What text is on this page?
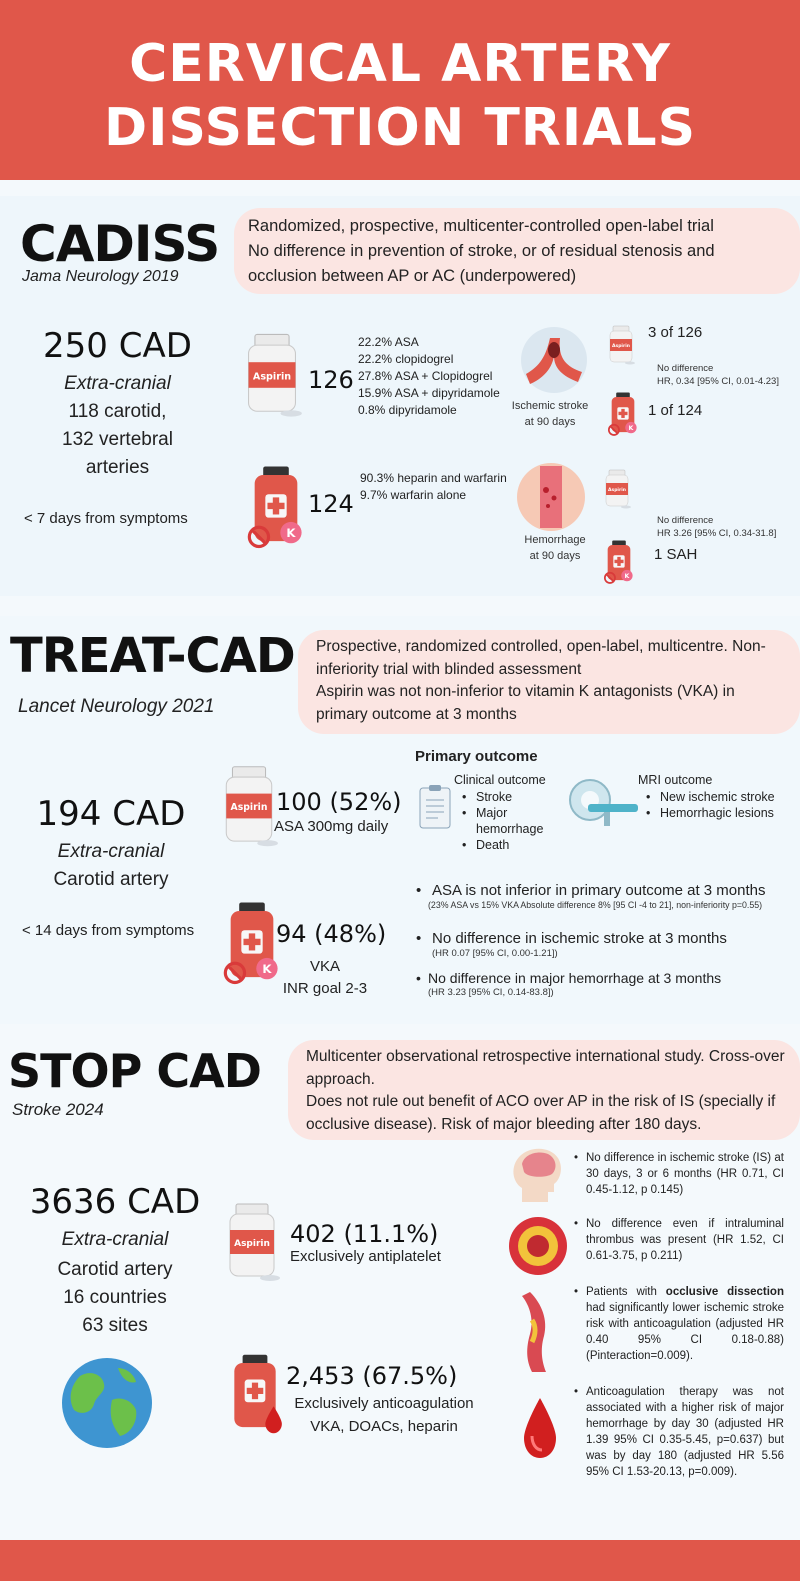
CERVICAL ARTERY
DISSECTION TRIALS
CADISS
Jama Neurology 2019
Randomized, prospective, multicenter-controlled open-label trial
No difference in prevention of stroke, or of residual stenosis and occlusion between AP or AC (underpowered)
250 CAD
Extra-cranial
118 carotid,
132 vertebral
arteries
< 7 days from symptoms
126
22.2% ASA
22.2% clopidogrel
27.8% ASA + Clopidogrel
15.9% ASA + dipyridamole
0.8% dipyridamole
124
90.3% heparin and warfarin
9.7% warfarin alone
Ischemic stroke
at 90 days
3 of 126
No difference
HR, 0.34 [95% CI, 0.01-4.23]
1 of 124
Hemorrhage
at 90 days
No difference
HR 3.26 [95% CI, 0.34-31.8]
1 SAH
TREAT-CAD
Lancet Neurology 2021
Prospective, randomized controlled, open-label, multicentre. Non-inferiority trial with blinded assessment
Aspirin was not non-inferior to vitamin K antagonists (VKA) in primary outcome at 3 months
194 CAD
Extra-cranial
Carotid artery
< 14 days from symptoms
100 (52%)
ASA 300mg daily
94 (48%)
VKA
INR goal 2-3
Primary outcome
Clinical outcome
• Stroke
• Major hemorrhage
• Death
MRI outcome
• New ischemic stroke
• Hemorrhagic lesions
• ASA is not inferior in primary outcome at 3 months
(23% ASA vs 15% VKA Absolute difference 8% [95 CI -4 to 21], non-inferiority p=0.55)
• No difference in ischemic stroke at 3 months
(HR 0.07 [95% CI, 0.00-1.21])
• No difference in major hemorrhage at 3 months
(HR 3.23 [95% CI, 0.14-83.8])
STOP CAD
Stroke 2024
Multicenter observational retrospective international study. Cross-over approach.
Does not rule out benefit of ACO over AP in the risk of IS (specially if occlusive disease). Risk of major bleeding after 180 days.
3636 CAD
Extra-cranial
Carotid artery
16 countries
63 sites
402 (11.1%)
Exclusively antiplatelet
2,453 (67.5%)
Exclusively anticoagulation
VKA, DOACs, heparin
• No difference in ischemic stroke (IS) at 30 days, 3 or 6 months (HR 0.71, CI 0.45-1.12, p 0.145)
• No difference even if intraluminal thrombus was present (HR 1.52, CI 0.61-3.75, p 0.211)
• Patients with occlusive dissection had significantly lower ischemic stroke risk with anticoagulation (adjusted HR 0.40 95% CI 0.18-0.88) (Pinteraction=0.009).
• Anticoagulation therapy was not associated with a higher risk of major hemorrhage by day 30 (adjusted HR 1.39 95% CI 0.35-5.45, p=0.637) but was by day 180 (adjusted HR 5.56 95% CI 1.53-20.13, p=0.009).
